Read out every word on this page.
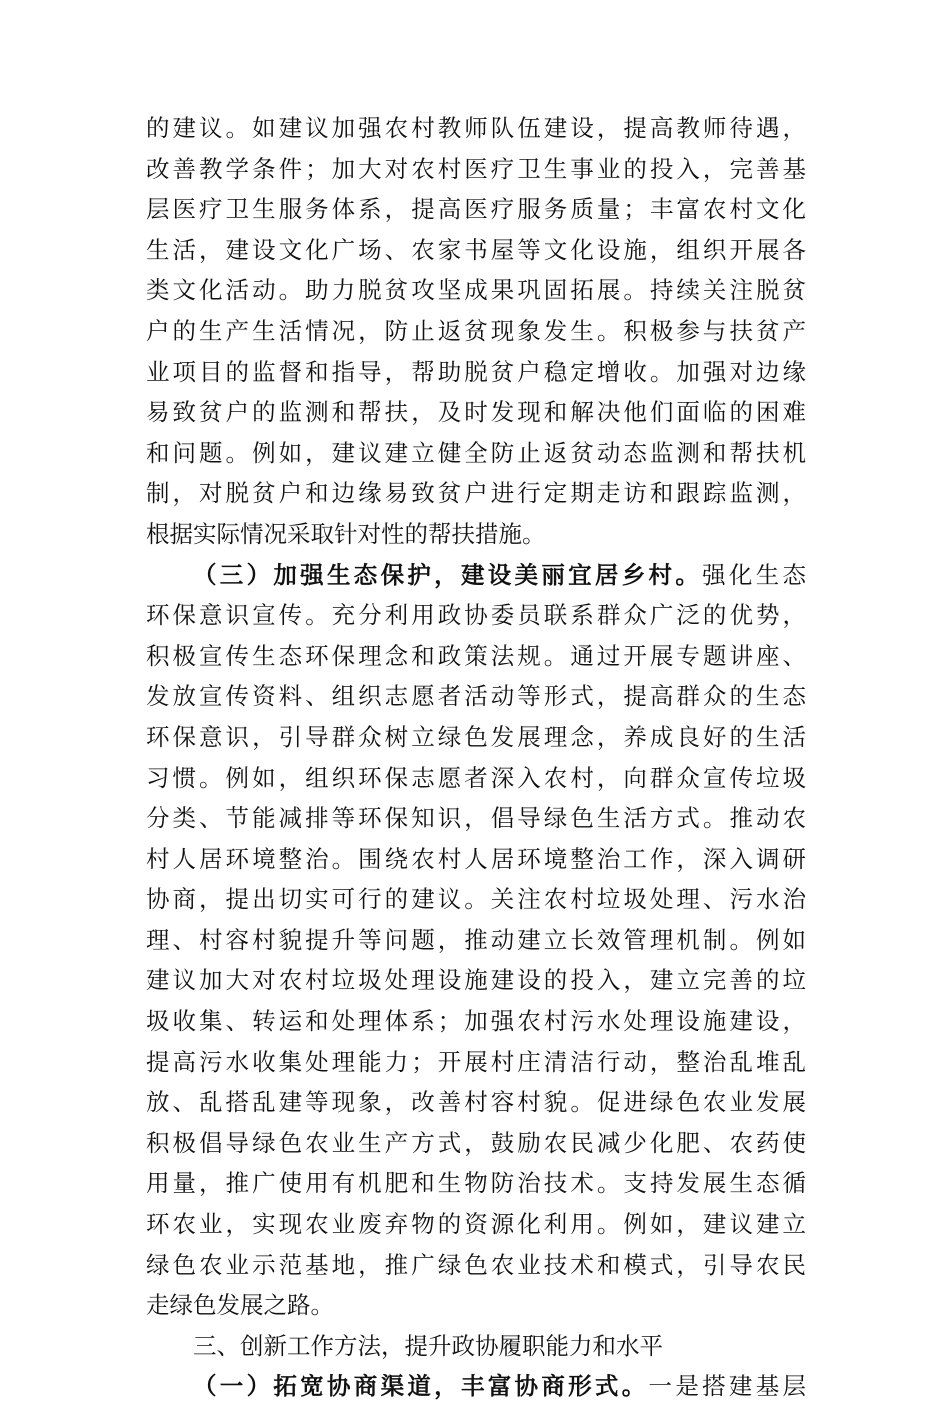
的建议。如建议加强农村教师队伍建设，提高教师待遇，
改善教学条件；加大对农村医疗卫生事业的投入，完善基
层医疗卫生服务体系，提高医疗服务质量；丰富农村文化
生活，建设文化广场、农家书屋等文化设施，组织开展各
类文化活动。助力脱贫攻坚成果巩固拓展。持续关注脱贫
户的生产生活情况，防止返贫现象发生。积极参与扶贫产
业项目的监督和指导，帮助脱贫户稳定增收。加强对边缘
易致贫户的监测和帮扶，及时发现和解决他们面临的困难
和问题。例如，建议建立健全防止返贫动态监测和帮扶机
制，对脱贫户和边缘易致贫户进行定期走访和跟踪监测，
根据实际情况采取针对性的帮扶措施。
（三）加强生态保护，建设美丽宜居乡村。强化生态
环保意识宣传。充分利用政协委员联系群众广泛的优势，
积极宣传生态环保理念和政策法规。通过开展专题讲座、
发放宣传资料、组织志愿者活动等形式，提高群众的生态
环保意识，引导群众树立绿色发展理念，养成良好的生活
习惯。例如，组织环保志愿者深入农村，向群众宣传垃圾
分类、节能减排等环保知识，倡导绿色生活方式。推动农
村人居环境整治。围绕农村人居环境整治工作，深入调研
协商，提出切实可行的建议。关注农村垃圾处理、污水治
理、村容村貌提升等问题，推动建立长效管理机制。例如
建议加大对农村垃圾处理设施建设的投入，建立完善的垃
圾收集、转运和处理体系；加强农村污水处理设施建设，
提高污水收集处理能力；开展村庄清洁行动，整治乱堆乱
放、乱搭乱建等现象，改善村容村貌。促进绿色农业发展
积极倡导绿色农业生产方式，鼓励农民减少化肥、农药使
用量，推广使用有机肥和生物防治技术。支持发展生态循
环农业，实现农业废弃物的资源化利用。例如，建议建立
绿色农业示范基地，推广绿色农业技术和模式，引导农民
走绿色发展之路。
三、创新工作方法，提升政协履职能力和水平
（一）拓宽协商渠道，丰富协商形式。一是搭建基层
